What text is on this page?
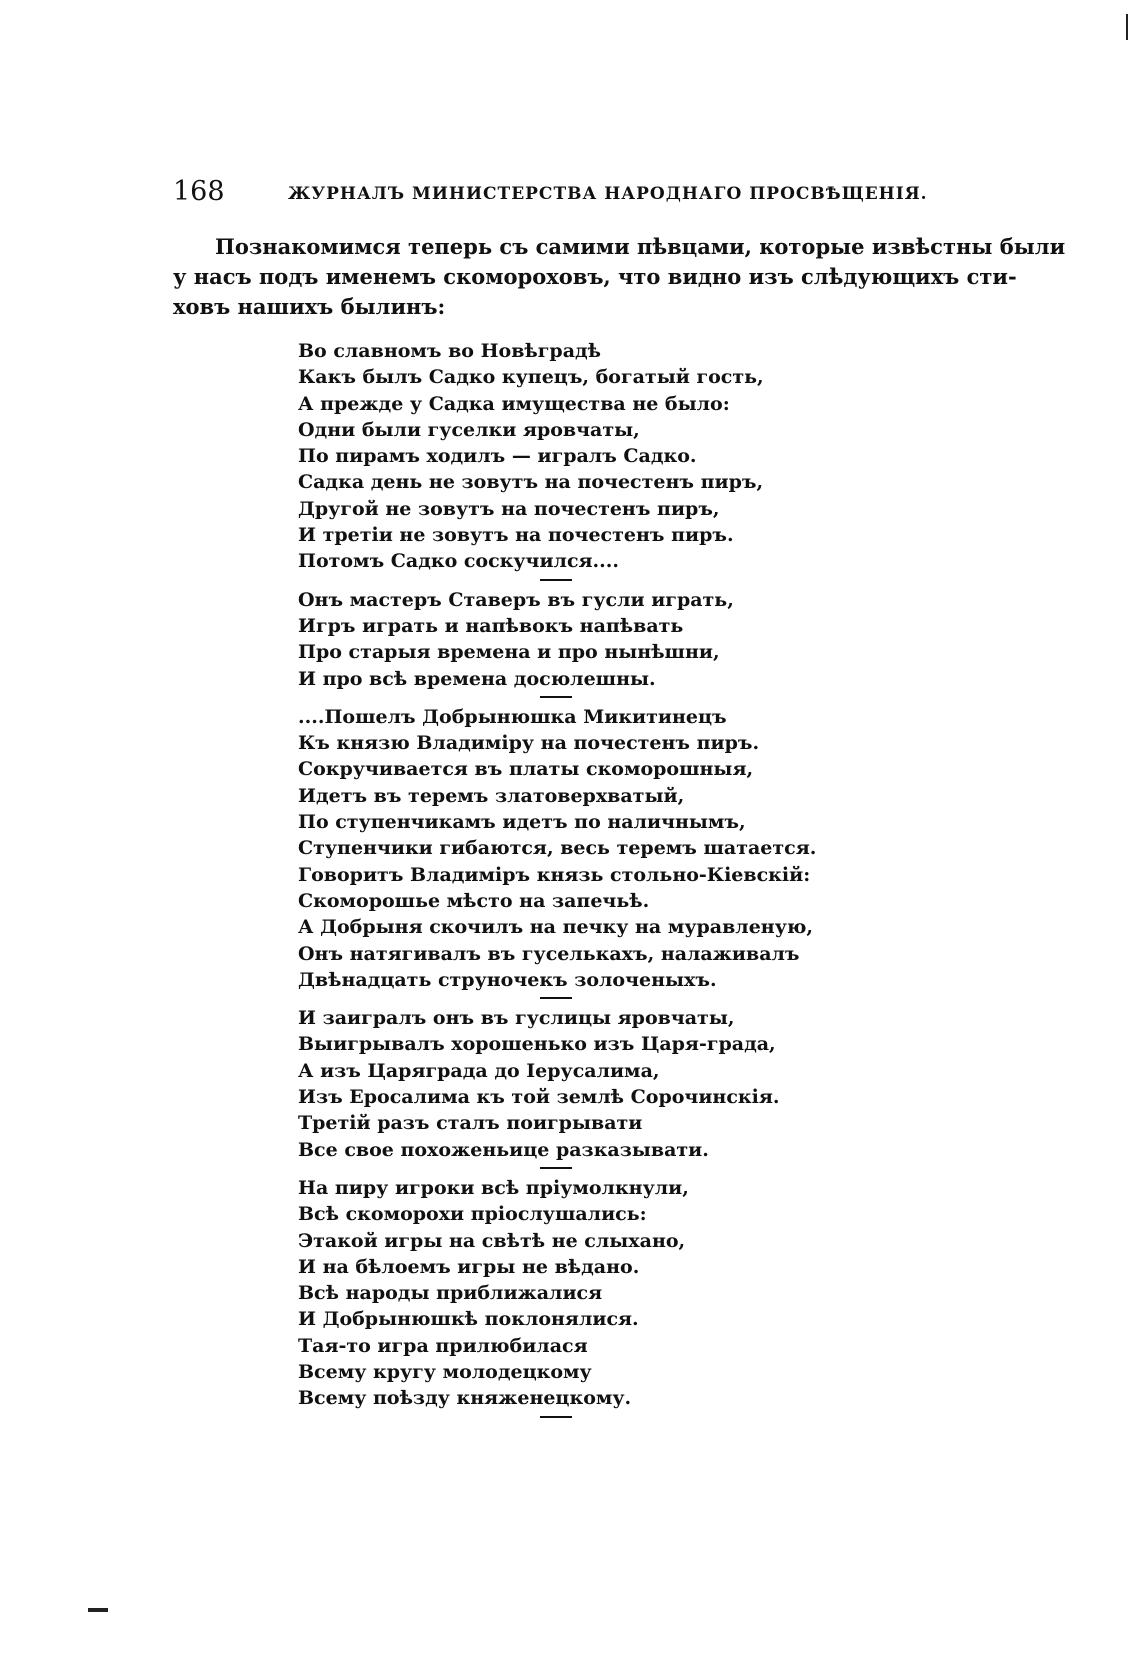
168	ЖУРНАЛЪ МИНИСТЕРСТВА НАРОДНАГО ПРОСВѢЩЕНІЯ.
Познакомимся теперь съ самими пѣвцами, которые извѣстны были
у насъ подъ именемъ скомороховъ, что видно изъ слѣдующихъ сти-
ховъ нашихъ былинъ:
Во славномъ во Новѣградѣ
Какъ былъ Садко купецъ, богатый гость,
А прежде у Садка имущества не было:
Одни были гуселки яровчаты,
По пирамъ ходилъ — игралъ Садко.
Садка день не зовутъ на почестенъ пиръ,
Другой не зовутъ на почестенъ пиръ,
И третіи не зовутъ на почестенъ пиръ.
Потомъ Садко соскучился....
Онъ мастеръ Ставеръ въ гусли играть,
Игръ играть и напѣвокъ напѣвать
Про старыя времена и про нынѣшни,
И про всѣ времена досюлешны.
....Пошелъ Добрынюшка Микитинецъ
Къ князю Владиміру на почестенъ пиръ.
Сокручивается въ платы скоморошныя,
Идетъ въ теремъ златоверхватый,
По ступенчикамъ идетъ по наличнымъ,
Ступенчики гибаются, весь теремъ шатается.
Говоритъ Владиміръ князь стольно-Кіевскій:
Скоморошье мѣсто на запечьѣ.
А Добрыня скочилъ на печку на муравленую,
Онъ натягивалъ въ гуселькахъ, налаживалъ
Двѣнадцать струночекъ золоченыхъ.
И заигралъ онъ въ гуслицы яровчаты,
Выигрывалъ хорошенько изъ Царя-града,
А изъ Царяграда до Іерусалима,
Изъ Еросалима къ той землѣ Сорочинскія.
Третій разъ сталъ поигрывати
Все свое похоженьице разказывати.
На пиру игроки всѣ пріумолкнули,
Всѣ скоморохи пріослушались:
Этакой игры на свѣтѣ не слыхано,
И на бѣлоемъ игры не вѣдано.
Всѣ народы приближалися
И Добрынюшкѣ поклонялися.
Тая-то игра прилюбилася
Всему кругу молодецкому
Всему поѣзду княженецкому.
